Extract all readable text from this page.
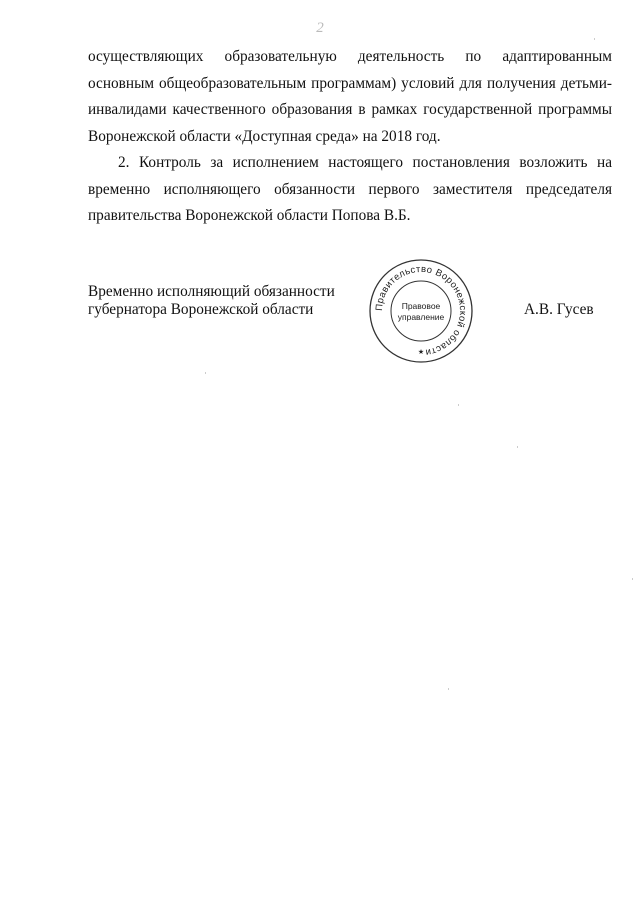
2

осуществляющих образовательную деятельность по адаптированным
основным общеобразовательным программам) условий для получения детьми-
инвалидами качественного образования в рамках государственной программы
Воронежской области «Доступная среда» на 2018 год.

2. Контроль за исполнением настоящего постановления возложить на
временно исполняющего обязанности первого заместителя председателя
правительства Воронежской области Попова В.Б.

Временно исполняющий обязанности
губернатора Воронежской области	Правительство Воронежской области
Правовое
управление
★
А.В. Гусев
